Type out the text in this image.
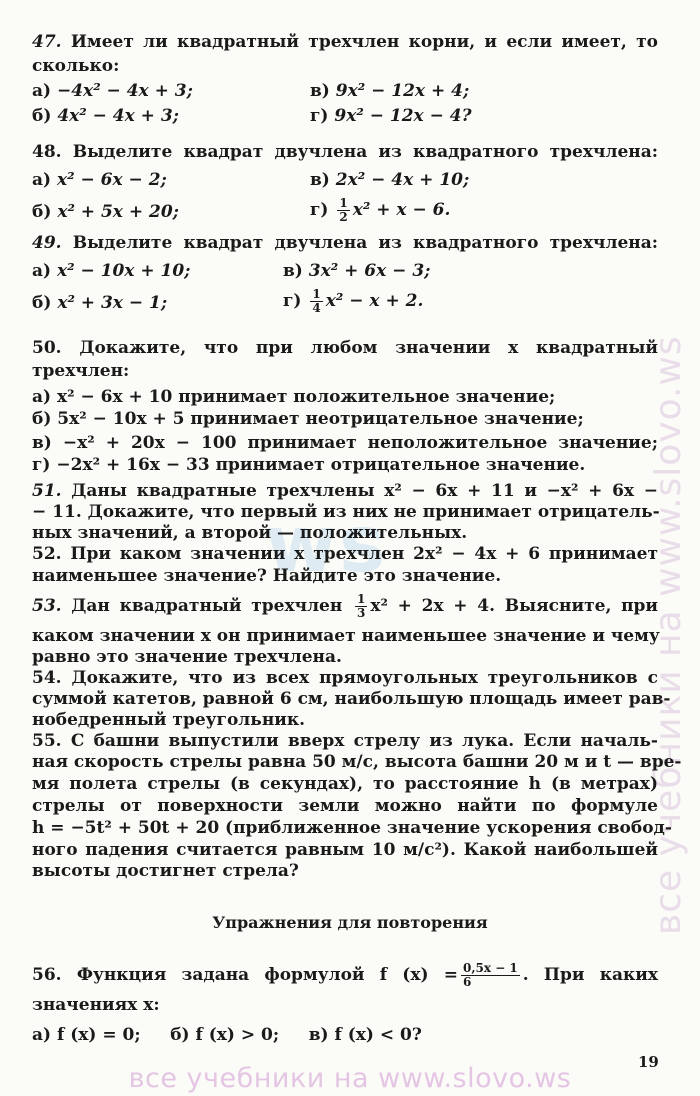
все учебники на www.slovo.ws
ws
47. Имеет ли квадратный трехчлен корни, и если имеет, то
сколько:
а) −4x² − 4x + 3;	в) 9x² − 12x + 4;
б) 4x² − 4x + 3;	г) 9x² − 12x − 4?
48. Выделите квадрат двучлена из квадратного трехчлена:
а) x² − 6x − 2;	в) 2x² − 4x + 10;
б) x² + 5x + 20;	$г) \frac{1}{2} x^2 + x - 6$.
49. Выделите квадрат двучлена из квадратного трехчлена:
а) x² − 10x + 10;	в) 3x² + 6x − 3;
б) x² + 3x − 1;	$г) \frac{1}{4} x^2 - x + 2$.
50. Докажите, что при любом значении x квадратный
трехчлен:
а) x² − 6x + 10 принимает положительное значение;
б) 5x² − 10x + 5 принимает неотрицательное значение;
в) −x² + 20x − 100 принимает неположительное значение;
г) −2x² + 16x − 33 принимает отрицательное значение.
51. Даны квадратные трехчлены x² − 6x + 11 и −x² + 6x −
− 11. Докажите, что первый из них не принимает отрицатель-
ных значений, а второй — положительных.
52. При каком значении x трехчлен 2x² − 4x + 6 принимает
наименьшее значение? Найдите это значение.
53. Дан квадратный трехчлен $\frac{1}{3} x^2 + 2x + 4$. Выясните, при
каком значении x он принимает наименьшее значение и чему
равно это значение трехчлена.
54. Докажите, что из всех прямоугольных треугольников с
суммой катетов, равной 6 см, наибольшую площадь имеет рав-
нобедренный треугольник.
55. С башни выпустили вверх стрелу из лука. Если началь-
ная скорость стрелы равна 50 м/с, высота башни 20 м и t — вре-
мя полета стрелы (в секундах), то расстояние h (в метрах)
стрелы от поверхности земли можно найти по формуле
h = −5t² + 50t + 20 (приближенное значение ускорения свобод-
ного падения считается равным 10 м/с²). Какой наибольшей
высоты достигнет стрела?
Упражнения для повторения
56. Функция задана формулой f $(x) = \frac{0,5x - 1}{6}$ . При каких
значениях x:
а) f (x) = 0;     б) f (x) > 0;     в) f (x) < 0?
19
все учебники на www.slovo.ws
